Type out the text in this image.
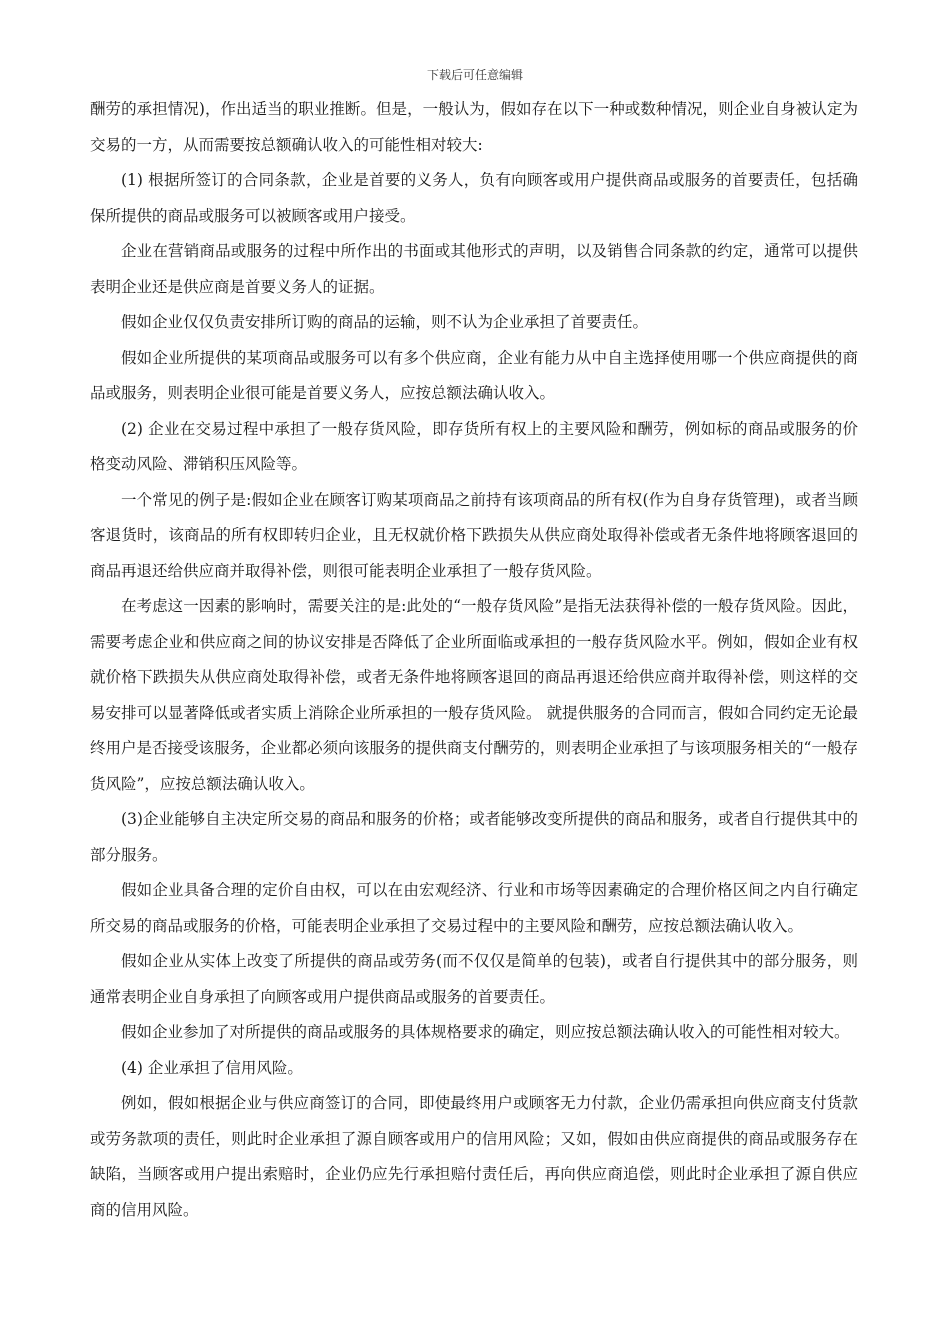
下载后可任意编辑

酬劳的承担情况)，作出适当的职业推断。但是，一般认为，假如存在以下一种或数种情况，则企业自身被认定为交易的一方，从而需要按总额确认收入的可能性相对较大:

(1) 根据所签订的合同条款，企业是首要的义务人，负有向顾客或用户提供商品或服务的首要责任，包括确保所提供的商品或服务可以被顾客或用户接受。

企业在营销商品或服务的过程中所作出的书面或其他形式的声明，以及销售合同条款的约定，通常可以提供表明企业还是供应商是首要义务人的证据。

假如企业仅仅负责安排所订购的商品的运输，则不认为企业承担了首要责任。

假如企业所提供的某项商品或服务可以有多个供应商，企业有能力从中自主选择使用哪一个供应商提供的商品或服务，则表明企业很可能是首要义务人，应按总额法确认收入。

(2) 企业在交易过程中承担了一般存货风险，即存货所有权上的主要风险和酬劳，例如标的商品或服务的价格变动风险、滞销积压风险等。

一个常见的例子是:假如企业在顾客订购某项商品之前持有该项商品的所有权(作为自身存货管理)，或者当顾客退货时，该商品的所有权即转归企业，且无权就价格下跌损失从供应商处取得补偿或者无条件地将顾客退回的商品再退还给供应商并取得补偿，则很可能表明企业承担了一般存货风险。

在考虑这一因素的影响时，需要关注的是:此处的“一般存货风险”是指无法获得补偿的一般存货风险。因此，需要考虑企业和供应商之间的协议安排是否降低了企业所面临或承担的一般存货风险水平。例如，假如企业有权就价格下跌损失从供应商处取得补偿，或者无条件地将顾客退回的商品再退还给供应商并取得补偿，则这样的交易安排可以显著降低或者实质上消除企业所承担的一般存货风险。 就提供服务的合同而言，假如合同约定无论最终用户是否接受该服务，企业都必须向该服务的提供商支付酬劳的，则表明企业承担了与该项服务相关的“一般存货风险”，应按总额法确认收入。

(3)企业能够自主决定所交易的商品和服务的价格；或者能够改变所提供的商品和服务，或者自行提供其中的部分服务。

假如企业具备合理的定价自由权，可以在由宏观经济、行业和市场等因素确定的合理价格区间之内自行确定所交易的商品或服务的价格，可能表明企业承担了交易过程中的主要风险和酬劳，应按总额法确认收入。

假如企业从实体上改变了所提供的商品或劳务(而不仅仅是简单的包装)，或者自行提供其中的部分服务，则通常表明企业自身承担了向顾客或用户提供商品或服务的首要责任。

假如企业参加了对所提供的商品或服务的具体规格要求的确定，则应按总额法确认收入的可能性相对较大。

(4) 企业承担了信用风险。

例如，假如根据企业与供应商签订的合同，即使最终用户或顾客无力付款，企业仍需承担向供应商支付货款或劳务款项的责任，则此时企业承担了源自顾客或用户的信用风险；又如，假如由供应商提供的商品或服务存在缺陷，当顾客或用户提出索赔时，企业仍应先行承担赔付责任后，再向供应商追偿，则此时企业承担了源自供应商的信用风险。
